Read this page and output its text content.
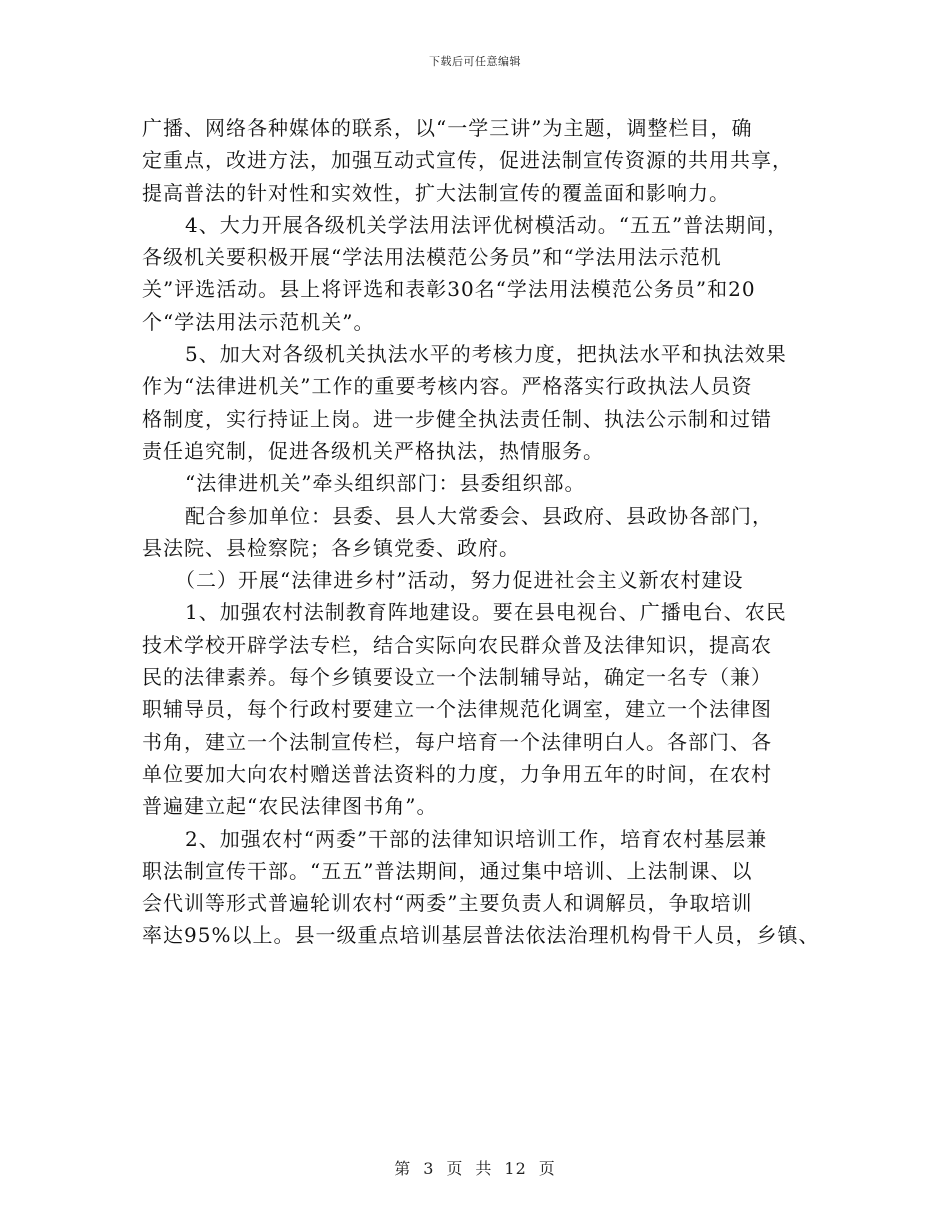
下载后可任意编辑
广播、网络各种媒体的联系，以“一学三讲”为主题，调整栏目，确
定重点，改进方法，加强互动式宣传，促进法制宣传资源的共用共享，
提高普法的针对性和实效性，扩大法制宣传的覆盖面和影响力。
4、大力开展各级机关学法用法评优树模活动。“五五”普法期间，
各级机关要积极开展“学法用法模范公务员”和“学法用法示范机
关”评选活动。县上将评选和表彰30名“学法用法模范公务员”和20
个“学法用法示范机关”。
5、加大对各级机关执法水平的考核力度，把执法水平和执法效果
作为“法律进机关”工作的重要考核内容。严格落实行政执法人员资
格制度，实行持证上岗。进一步健全执法责任制、执法公示制和过错
责任追究制，促进各级机关严格执法，热情服务。
“法律进机关”牵头组织部门：县委组织部。
配合参加单位：县委、县人大常委会、县政府、县政协各部门，
县法院、县检察院；各乡镇党委、政府。
（二）开展“法律进乡村”活动，努力促进社会主义新农村建设
1、加强农村法制教育阵地建设。要在县电视台、广播电台、农民
技术学校开辟学法专栏，结合实际向农民群众普及法律知识，提高农
民的法律素养。每个乡镇要设立一个法制辅导站，确定一名专（兼）
职辅导员，每个行政村要建立一个法律规范化调室，建立一个法律图
书角，建立一个法制宣传栏，每户培育一个法律明白人。各部门、各
单位要加大向农村赠送普法资料的力度，力争用五年的时间，在农村
普遍建立起“农民法律图书角”。
2、加强农村“两委”干部的法律知识培训工作，培育农村基层兼
职法制宣传干部。“五五”普法期间，通过集中培训、上法制课、以
会代训等形式普遍轮训农村“两委”主要负责人和调解员，争取培训
率达95%以上。县一级重点培训基层普法依法治理机构骨干人员，乡镇、
第 3 页 共 12 页
